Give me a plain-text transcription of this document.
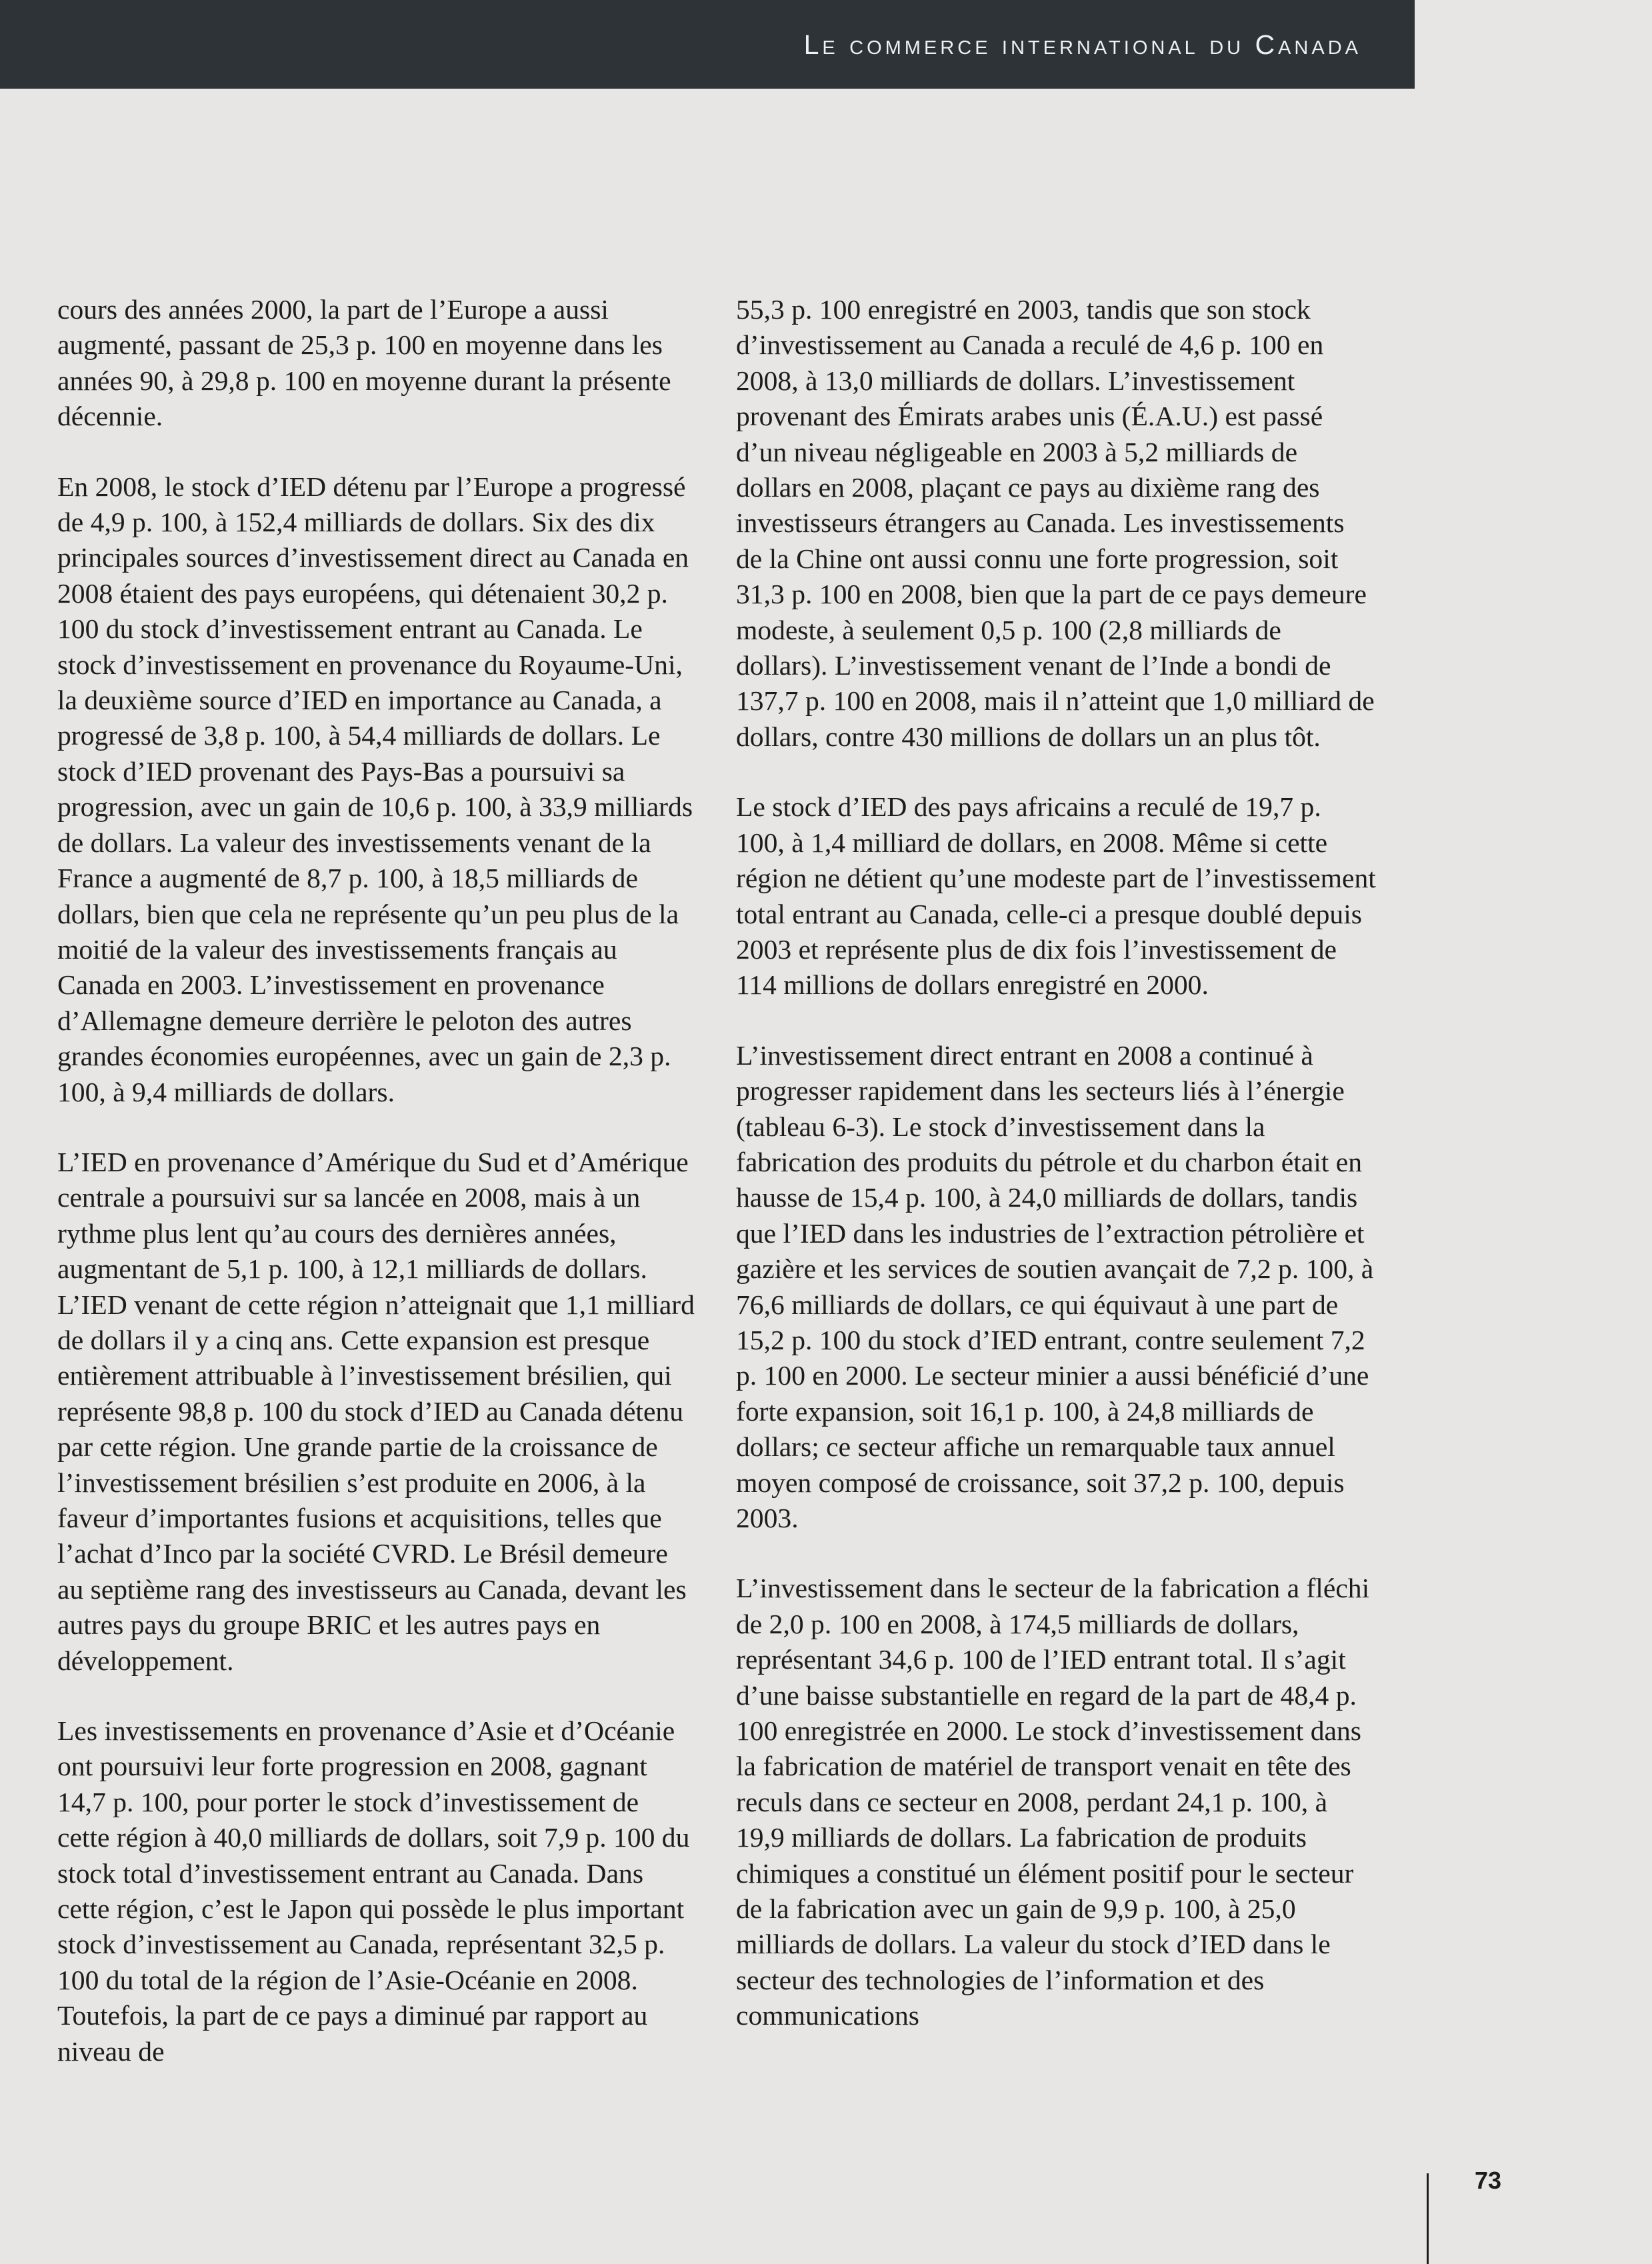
Le commerce international du Canada

cours des années 2000, la part de l’Europe a aussi augmenté, passant de 25,3 p. 100 en moyenne dans les années 90, à 29,8 p. 100 en moyenne durant la présente décennie.

En 2008, le stock d’IED détenu par l’Europe a progressé de 4,9 p. 100, à 152,4 milliards de dollars. Six des dix principales sources d’investissement direct au Canada en 2008 étaient des pays européens, qui détenaient 30,2 p. 100 du stock d’investissement entrant au Canada. Le stock d’investissement en provenance du Royaume-Uni, la deuxième source d’IED en importance au Canada, a progressé de 3,8 p. 100, à 54,4 milliards de dollars. Le stock d’IED provenant des Pays-Bas a poursuivi sa progression, avec un gain de 10,6 p. 100, à 33,9 milliards de dollars. La valeur des investissements venant de la France a augmenté de 8,7 p. 100, à 18,5 milliards de dollars, bien que cela ne représente qu’un peu plus de la moitié de la valeur des investissements français au Canada en 2003. L’investissement en provenance d’Allemagne demeure derrière le peloton des autres grandes économies européennes, avec un gain de 2,3 p. 100, à 9,4 milliards de dollars.

L’IED en provenance d’Amérique du Sud et d’Amérique centrale a poursuivi sur sa lancée en 2008, mais à un rythme plus lent qu’au cours des dernières années, augmentant de 5,1 p. 100, à 12,1 milliards de dollars. L’IED venant de cette région n’atteignait que 1,1 milliard de dollars il y a cinq ans. Cette expansion est presque entièrement attribuable à l’investissement brésilien, qui représente 98,8 p. 100 du stock d’IED au Canada détenu par cette région. Une grande partie de la croissance de l’investissement brésilien s’est produite en 2006, à la faveur d’importantes fusions et acquisitions, telles que l’achat d’Inco par la société CVRD. Le Brésil demeure au septième rang des investisseurs au Canada, devant les autres pays du groupe BRIC et les autres pays en développement.

Les investissements en provenance d’Asie et d’Océanie ont poursuivi leur forte progression en 2008, gagnant 14,7 p. 100, pour porter le stock d’investissement de cette région à 40,0 milliards de dollars, soit 7,9 p. 100 du stock total d’investissement entrant au Canada. Dans cette région, c’est le Japon qui possède le plus important stock d’investissement au Canada, représentant 32,5 p. 100 du total de la région de l’Asie-Océanie en 2008. Toutefois, la part de ce pays a diminué par rapport au niveau de

55,3 p. 100 enregistré en 2003, tandis que son stock d’investissement au Canada a reculé de 4,6 p. 100 en 2008, à 13,0 milliards de dollars. L’investissement provenant des Émirats arabes unis (É.A.U.) est passé d’un niveau négligeable en 2003 à 5,2 milliards de dollars en 2008, plaçant ce pays au dixième rang des investisseurs étrangers au Canada. Les investissements de la Chine ont aussi connu une forte progression, soit 31,3 p. 100 en 2008, bien que la part de ce pays demeure modeste, à seulement 0,5 p. 100 (2,8 milliards de dollars). L’investissement venant de l’Inde a bondi de 137,7 p. 100 en 2008, mais il n’atteint que 1,0 milliard de dollars, contre 430 millions de dollars un an plus tôt.

Le stock d’IED des pays africains a reculé de 19,7 p. 100, à 1,4 milliard de dollars, en 2008. Même si cette région ne détient qu’une modeste part de l’investissement total entrant au Canada, celle-ci a presque doublé depuis 2003 et représente plus de dix fois l’investissement de 114 millions de dollars enregistré en 2000.

L’investissement direct entrant en 2008 a continué à progresser rapidement dans les secteurs liés à l’énergie (tableau 6-3). Le stock d’investissement dans la fabrication des produits du pétrole et du charbon était en hausse de 15,4 p. 100, à 24,0 milliards de dollars, tandis que l’IED dans les industries de l’extraction pétrolière et gazière et les services de soutien avançait de 7,2 p. 100, à 76,6 milliards de dollars, ce qui équivaut à une part de 15,2 p. 100 du stock d’IED entrant, contre seulement 7,2 p. 100 en 2000. Le secteur minier a aussi bénéficié d’une forte expansion, soit 16,1 p. 100, à 24,8 milliards de dollars; ce secteur affiche un remarquable taux annuel moyen composé de croissance, soit 37,2 p. 100, depuis 2003.

L’investissement dans le secteur de la fabrication a fléchi de 2,0 p. 100 en 2008, à 174,5 milliards de dollars, représentant 34,6 p. 100 de l’IED entrant total. Il s’agit d’une baisse substantielle en regard de la part de 48,4 p. 100 enregistrée en 2000. Le stock d’investissement dans la fabrication de matériel de transport venait en tête des reculs dans ce secteur en 2008, perdant 24,1 p. 100, à 19,9 milliards de dollars. La fabrication de produits chimiques a constitué un élément positif pour le secteur de la fabrication avec un gain de 9,9 p. 100, à 25,0 milliards de dollars. La valeur du stock d’IED dans le secteur des technologies de l’information et des communications

73
